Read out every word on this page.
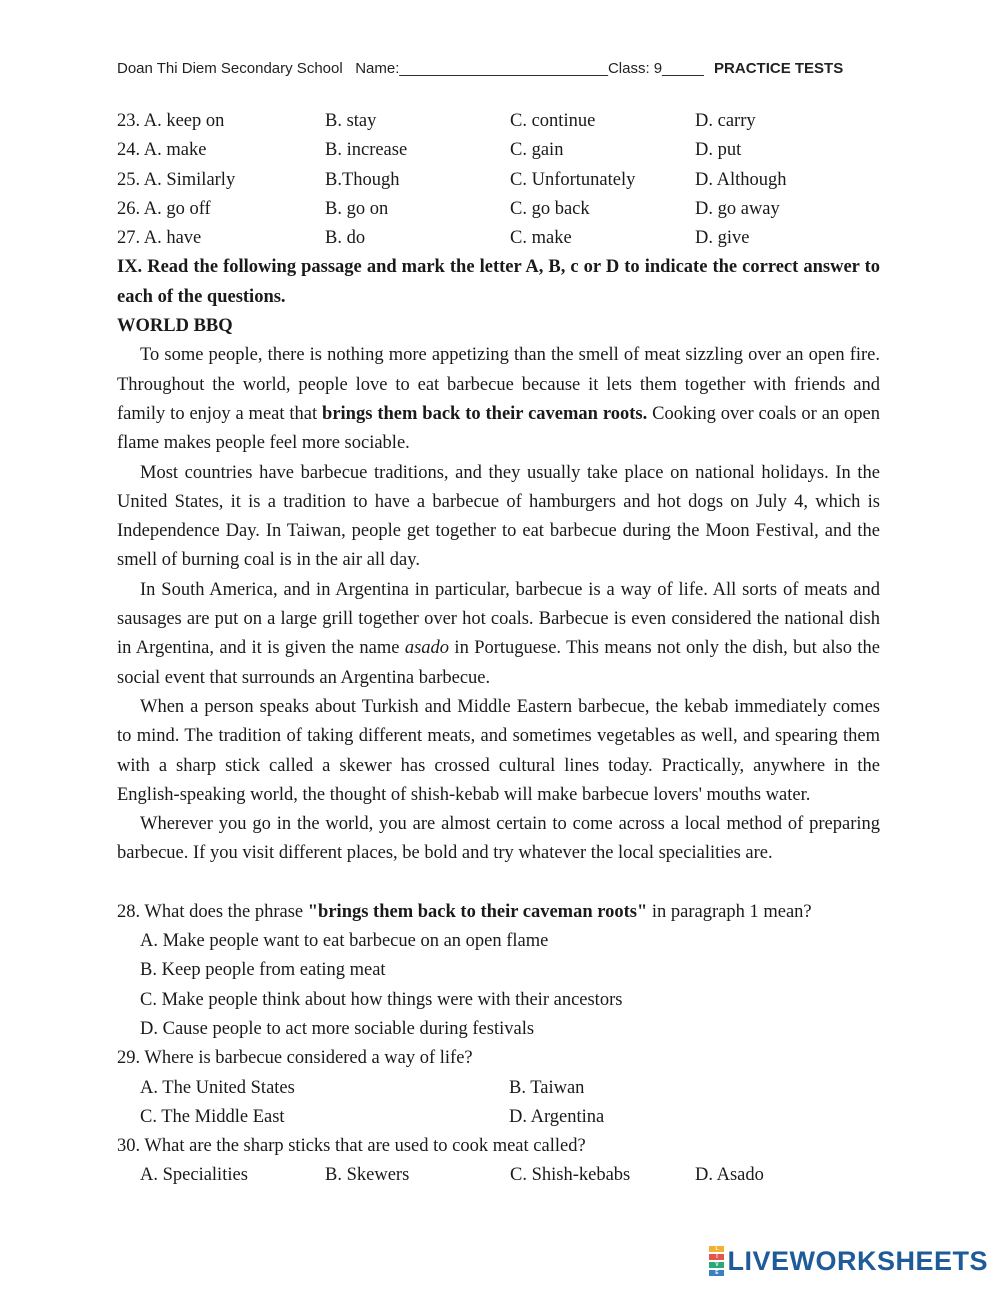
Doan Thi Diem Secondary School Name:_________________________Class: 9_____ PRACTICE TESTS
23. A. keep on	B. stay	C. continue	D. carry
24. A. make	B. increase	C. gain	D. put
25. A. Similarly	B.Though	C. Unfortunately	D. Although
26. A. go off	B. go on	C. go back	D. go away
27. A. have	B. do	C. make	D. give
IX. Read the following passage and mark the letter A, B, c or D to indicate the correct answer to each of the questions.
WORLD BBQ

To some people, there is nothing more appetizing than the smell of meat sizzling over an open fire. Throughout the world, people love to eat barbecue because it lets them together with friends and family to enjoy a meat that brings them back to their caveman roots. Cooking over coals or an open flame makes people feel more sociable.

Most countries have barbecue traditions, and they usually take place on national holidays. In the United States, it is a tradition to have a barbecue of hamburgers and hot dogs on July 4, which is Independence Day. In Taiwan, people get together to eat barbecue during the Moon Festival, and the smell of burning coal is in the air all day.

In South America, and in Argentina in particular, barbecue is a way of life. All sorts of meats and sausages are put on a large grill together over hot coals. Barbecue is even considered the national dish in Argentina, and it is given the name asado in Portuguese. This means not only the dish, but also the social event that surrounds an Argentina barbecue.

When a person speaks about Turkish and Middle Eastern barbecue, the kebab immediately comes to mind. The tradition of taking different meats, and sometimes vegetables as well, and spearing them with a sharp stick called a skewer has crossed cultural lines today. Practically, anywhere in the English-speaking world, the thought of shish-kebab will make barbecue lovers' mouths water.

Wherever you go in the world, you are almost certain to come across a local method of preparing barbecue. If you visit different places, be bold and try whatever the local specialities are.

28. What does the phrase "brings them back to their caveman roots" in paragraph 1 mean?
A. Make people want to eat barbecue on an open flame
B. Keep people from eating meat
C. Make people think about how things were with their ancestors
D. Cause people to act more sociable during festivals
29. Where is barbecue considered a way of life?
A. The United States	B. Taiwan
C. The Middle East	D. Argentina
30. What are the sharp sticks that are used to cook meat called?
A. Specialities	B. Skewers	C. Shish-kebabs	D. Asado
L
I
V
E LIVEWORKSHEETS
